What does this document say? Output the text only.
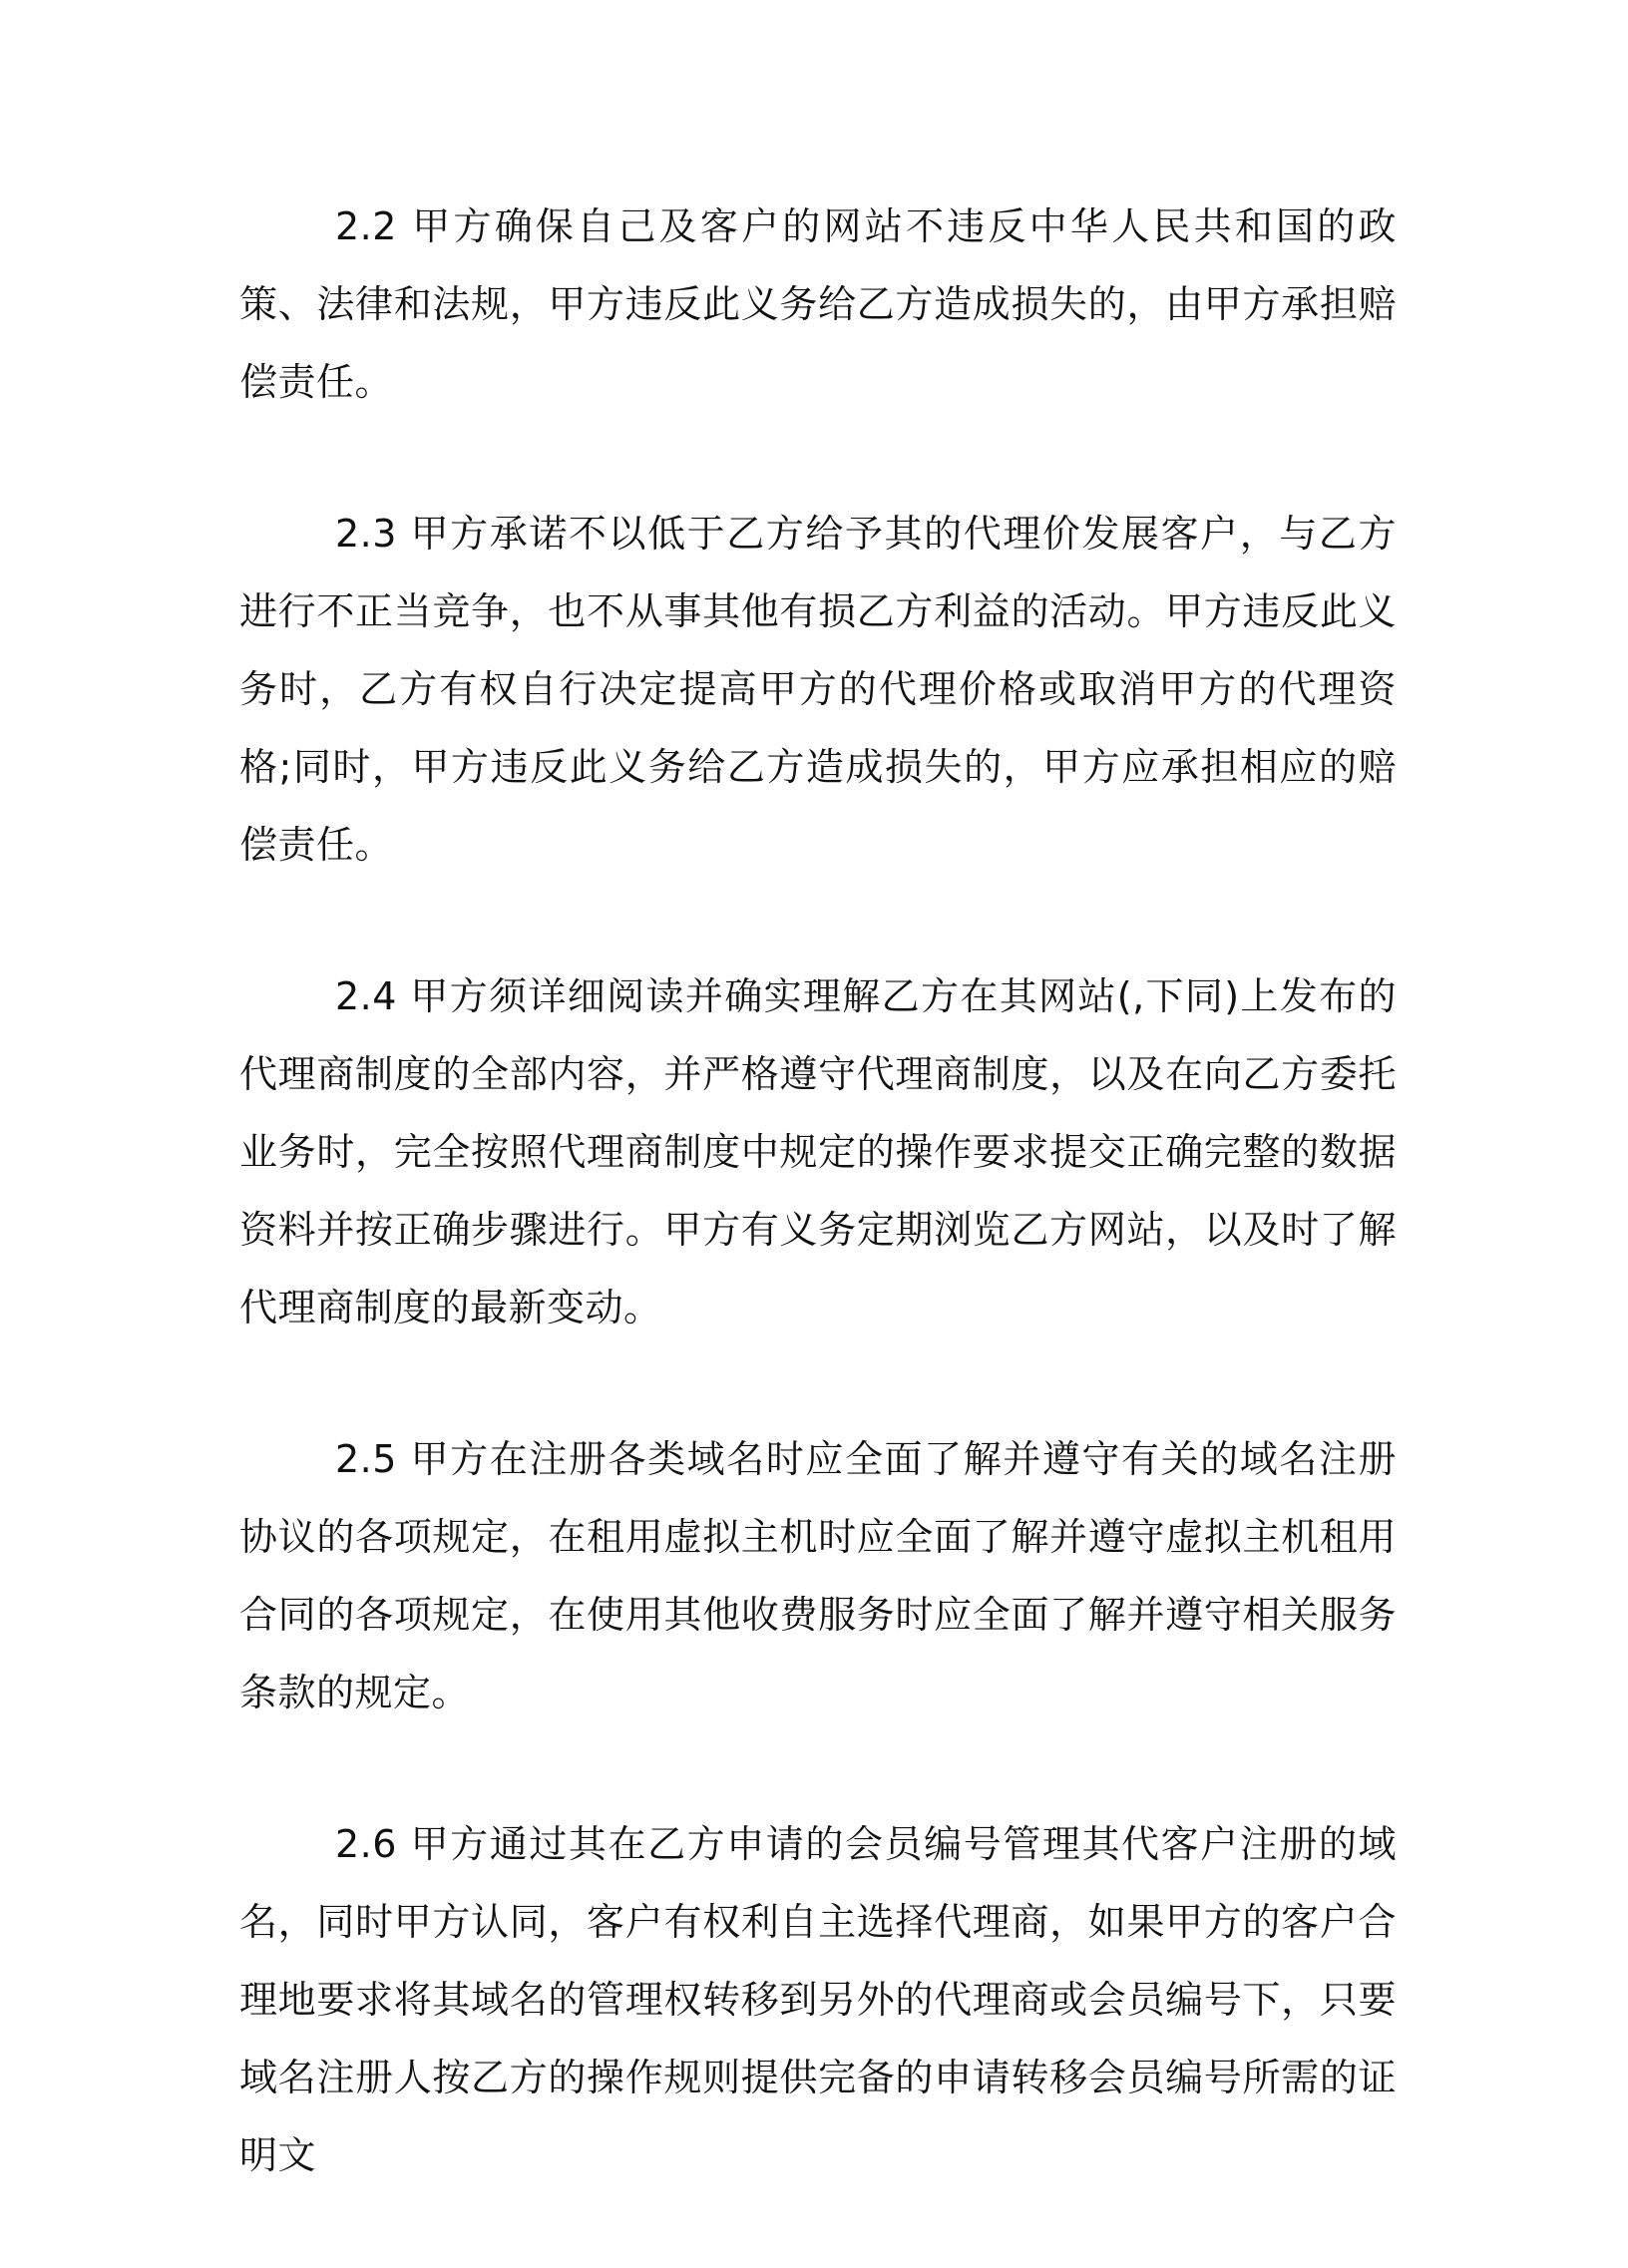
2.2 甲方确保自己及客户的网站不违反中华人民共和国的政策、法律和法规，甲方违反此义务给乙方造成损失的，由甲方承担赔偿责任。

2.3 甲方承诺不以低于乙方给予其的代理价发展客户，与乙方进行不正当竞争，也不从事其他有损乙方利益的活动。甲方违反此义务时，乙方有权自行决定提高甲方的代理价格或取消甲方的代理资格;同时，甲方违反此义务给乙方造成损失的，甲方应承担相应的赔偿责任。

2.4 甲方须详细阅读并确实理解乙方在其网站(,下同)上发布的代理商制度的全部内容，并严格遵守代理商制度，以及在向乙方委托业务时，完全按照代理商制度中规定的操作要求提交正确完整的数据资料并按正确步骤进行。甲方有义务定期浏览乙方网站，以及时了解代理商制度的最新变动。

2.5 甲方在注册各类域名时应全面了解并遵守有关的域名注册协议的各项规定，在租用虚拟主机时应全面了解并遵守虚拟主机租用合同的各项规定，在使用其他收费服务时应全面了解并遵守相关服务条款的规定。

2.6 甲方通过其在乙方申请的会员编号管理其代客户注册的域名，同时甲方认同，客户有权利自主选择代理商，如果甲方的客户合理地要求将其域名的管理权转移到另外的代理商或会员编号下，只要域名注册人按乙方的操作规则提供完备的申请转移会员编号所需的证明文
